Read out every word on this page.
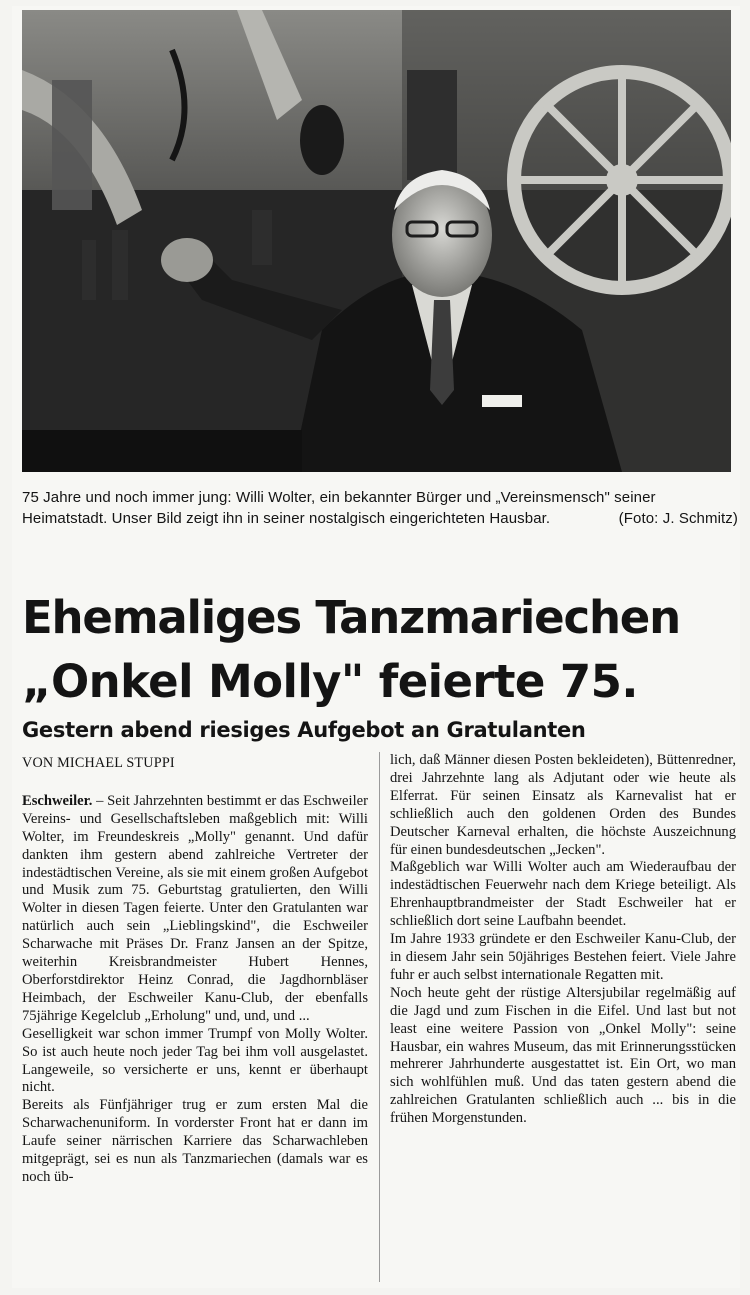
75 Jahre und noch immer jung: Willi Wolter, ein bekannter Bürger und „Vereinsmensch" seiner Heimatstadt. Unser Bild zeigt ihn in seiner nostalgisch eingerichteten Hausbar.	(Foto: J. Schmitz)
Ehemaliges Tanzmariechen
„Onkel Molly" feierte 75.
Gestern abend riesiges Aufgebot an Gratulanten

VON MICHAEL STUPPI

Eschweiler. – Seit Jahrzehnten bestimmt er das Eschweiler Vereins- und Gesellschaftsleben maßgeblich mit: Willi Wolter, im Freundeskreis „Molly" genannt. Und dafür dankten ihm gestern abend zahlreiche Vertreter der indestädtischen Vereine, als sie mit einem großen Aufgebot und Musik zum 75. Geburtstag gratulierten, den Willi Wolter in diesen Tagen feierte. Unter den Gratulanten war natürlich auch sein „Lieblingskind", die Eschweiler Scharwache mit Präses Dr. Franz Jansen an der Spitze, weiterhin Kreisbrandmeister Hubert Hennes, Oberforstdirektor Heinz Conrad, die Jagdhornbläser Heimbach, der Eschweiler Kanu-Club, der ebenfalls 75jährige Kegelclub „Erholung" und, und, und ...

Geselligkeit war schon immer Trumpf von Molly Wolter. So ist auch heute noch jeder Tag bei ihm voll ausgelastet. Langeweile, so versicherte er uns, kennt er überhaupt nicht.

Bereits als Fünfjähriger trug er zum ersten Mal die Scharwachenuniform. In vorderster Front hat er dann im Laufe seiner närrischen Karriere das Scharwachleben mitgeprägt, sei es nun als Tanzmariechen (damals war es noch üb-

lich, daß Männer diesen Posten bekleideten), Büttenredner, drei Jahrzehnte lang als Adjutant oder wie heute als Elferrat. Für seinen Einsatz als Karnevalist hat er schließlich auch den goldenen Orden des Bundes Deutscher Karneval erhalten, die höchste Auszeichnung für einen bundesdeutschen „Jecken".

Maßgeblich war Willi Wolter auch am Wiederaufbau der indestädtischen Feuerwehr nach dem Kriege beteiligt. Als Ehrenhauptbrandmeister der Stadt Eschweiler hat er schließlich dort seine Laufbahn beendet.

Im Jahre 1933 gründete er den Eschweiler Kanu-Club, der in diesem Jahr sein 50jähriges Bestehen feiert. Viele Jahre fuhr er auch selbst internationale Regatten mit.

Noch heute geht der rüstige Altersjubilar regelmäßig auf die Jagd und zum Fischen in die Eifel. Und last but not least eine weitere Passion von „Onkel Molly": seine Hausbar, ein wahres Museum, das mit Erinnerungsstücken mehrerer Jahrhunderte ausgestattet ist. Ein Ort, wo man sich wohlfühlen muß. Und das taten gestern abend die zahlreichen Gratulanten schließlich auch ... bis in die frühen Morgenstunden.
